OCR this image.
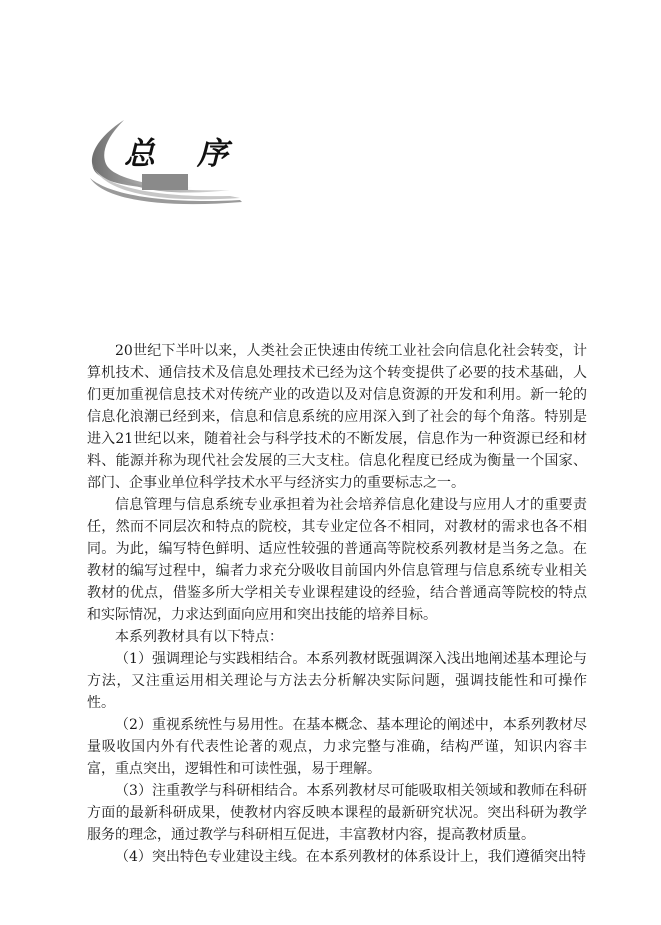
总 序

20世纪下半叶以来，人类社会正快速由传统工业社会向信息化社会转变，计算机技术、通信技术及信息处理技术已经为这个转变提供了必要的技术基础，人们更加重视信息技术对传统产业的改造以及对信息资源的开发和利用。新一轮的信息化浪潮已经到来，信息和信息系统的应用深入到了社会的每个角落。特别是进入21世纪以来，随着社会与科学技术的不断发展，信息作为一种资源已经和材料、能源并称为现代社会发展的三大支柱。信息化程度已经成为衡量一个国家、部门、企事业单位科学技术水平与经济实力的重要标志之一。

信息管理与信息系统专业承担着为社会培养信息化建设与应用人才的重要责任，然而不同层次和特点的院校，其专业定位各不相同，对教材的需求也各不相同。为此，编写特色鲜明、适应性较强的普通高等院校系列教材是当务之急。在教材的编写过程中，编者力求充分吸收目前国内外信息管理与信息系统专业相关教材的优点，借鉴多所大学相关专业课程建设的经验，结合普通高等院校的特点和实际情况，力求达到面向应用和突出技能的培养目标。

本系列教材具有以下特点：

（1）强调理论与实践相结合。本系列教材既强调深入浅出地阐述基本理论与方法，又注重运用相关理论与方法去分析解决实际问题，强调技能性和可操作性。

（2）重视系统性与易用性。在基本概念、基本理论的阐述中，本系列教材尽量吸收国内外有代表性论著的观点，力求完整与准确，结构严谨，知识内容丰富，重点突出，逻辑性和可读性强，易于理解。

（3）注重教学与科研相结合。本系列教材尽可能吸取相关领域和教师在科研方面的最新科研成果，使教材内容反映本课程的最新研究状况。突出科研为教学服务的理念，通过教学与科研相互促进，丰富教材内容，提高教材质量。

（4）突出特色专业建设主线。在本系列教材的体系设计上，我们遵循突出特
